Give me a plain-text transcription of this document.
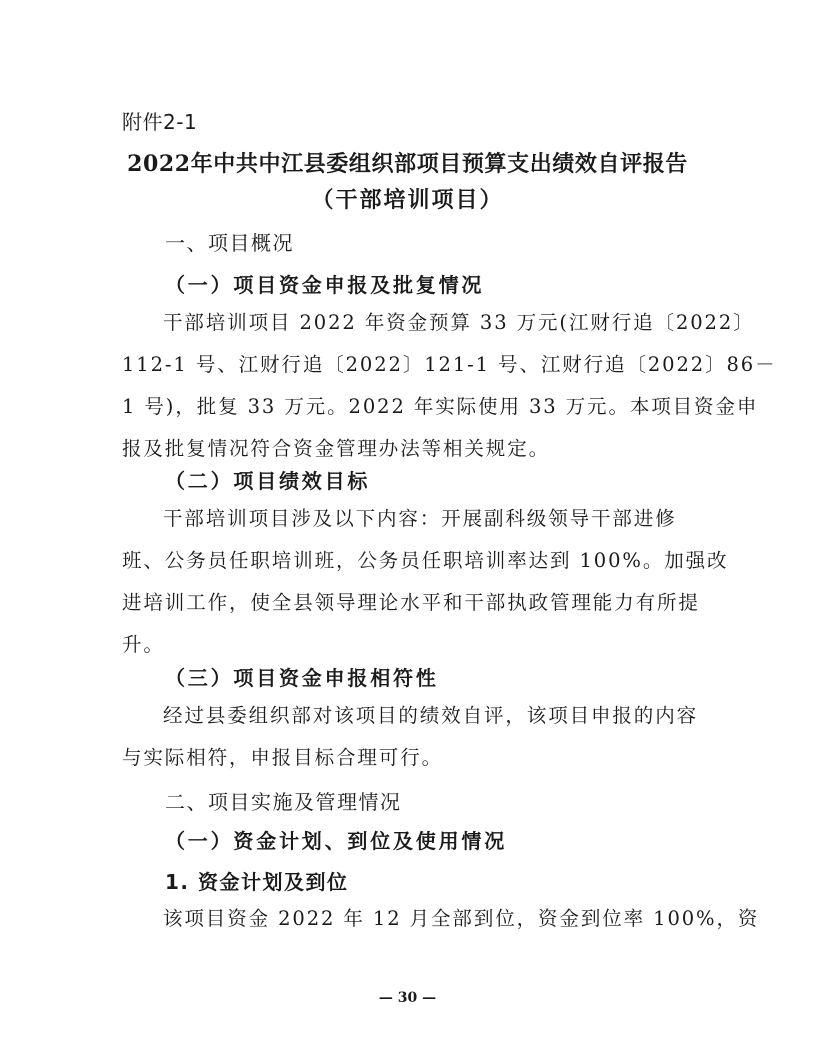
附件2-1
2022年中共中江县委组织部项目预算支出绩效自评报告
（干部培训项目）
一、项目概况
（一）项目资金申报及批复情况
干部培训项目 2022 年资金预算 33 万元(江财行追〔2022〕
112-1 号、江财行追〔2022〕121-1 号、江财行追〔2022〕86－
1 号)，批复 33 万元。2022 年实际使用 33 万元。本项目资金申
报及批复情况符合资金管理办法等相关规定。
（二）项目绩效目标
干部培训项目涉及以下内容：开展副科级领导干部进修
班、公务员任职培训班，公务员任职培训率达到 100%。加强改
进培训工作，使全县领导理论水平和干部执政管理能力有所提
升。
（三）项目资金申报相符性
经过县委组织部对该项目的绩效自评，该项目申报的内容
与实际相符，申报目标合理可行。
二、项目实施及管理情况
（一）资金计划、到位及使用情况
1. 资金计划及到位
该项目资金 2022 年 12 月全部到位，资金到位率 100%，资
— 30 —
